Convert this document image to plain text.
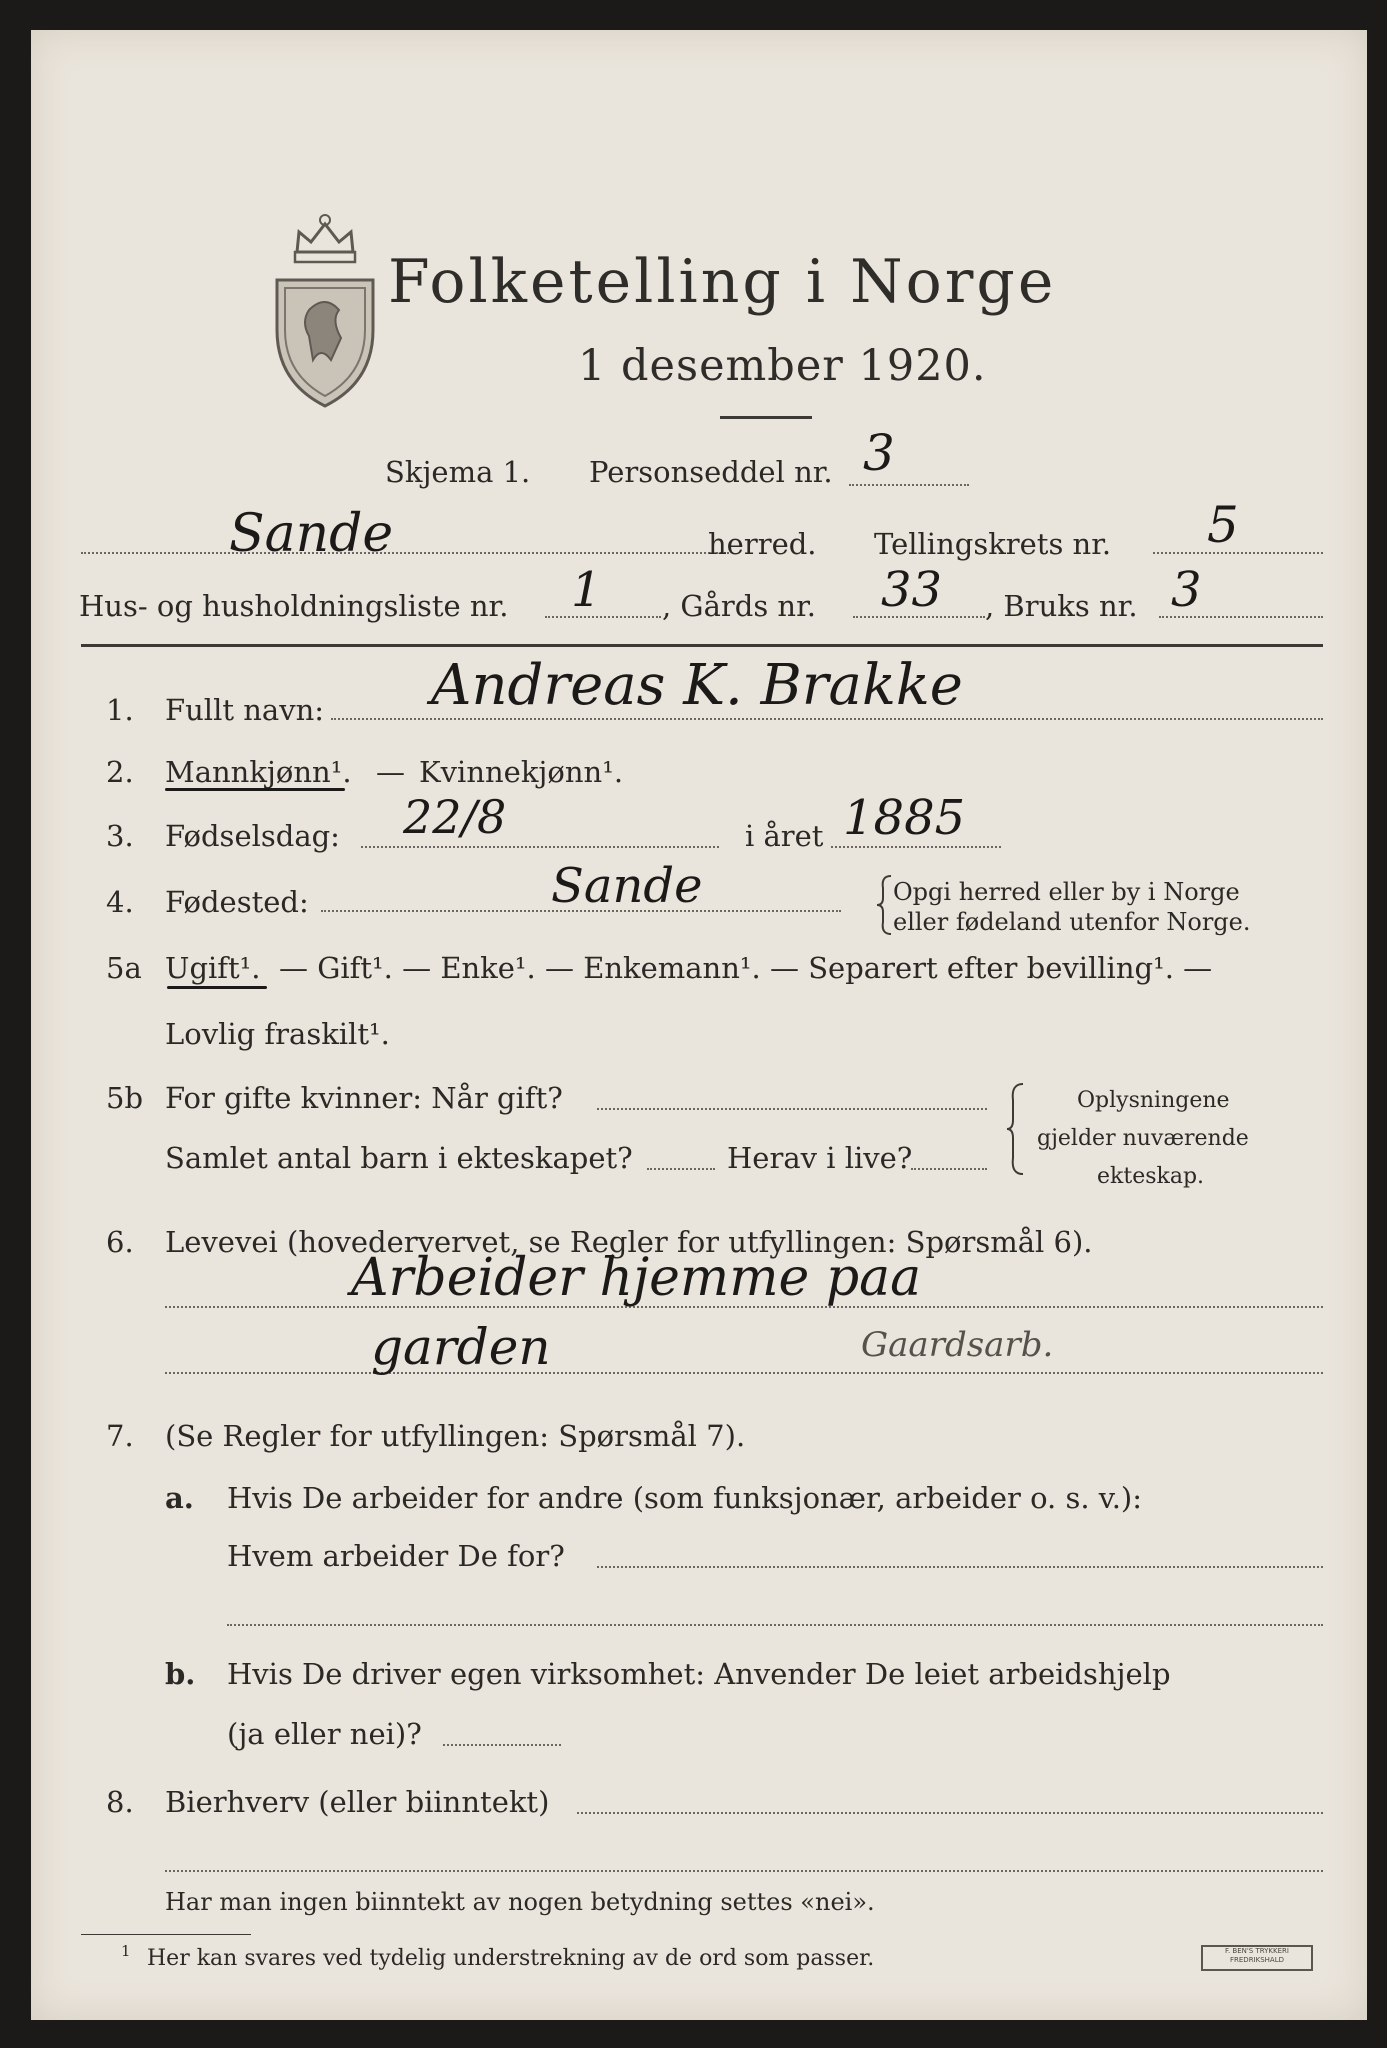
Folketelling i Norge
1 desember 1920.
Skjema 1. Personseddel nr. 3
Sande	herred. Tellingskrets nr. 5
Hus- og husholdningsliste nr. 1 , Gårds nr. 33 , Bruks nr. 3
1. Fullt navn: Andreas K. Brakke
2. Mannkjønn¹. — Kvinnekjønn¹.
3. Fødselsdag: 22/8	i året 1885
4. Fødested:	Sande	Opgi herred eller by i Norge
eller fødeland utenfor Norge.
5a Ugift¹. — Gift¹. — Enke¹. — Enkemann¹. — Separert efter bevilling¹. —
Lovlig fraskilt¹.
5b For gifte kvinner: Når gift?
Samlet antal barn i ekteskapet?	Herav i live?
Oplysningene
gjelder nuværende
ekteskap.
6. Levevei (hovedervervet, se Regler for utfyllingen: Spørsmål 6).
Arbeider hjemme paa
garden	Gaardsarb.
7. (Se Regler for utfyllingen: Spørsmål 7).
a. Hvis De arbeider for andre (som funksjonær, arbeider o. s. v.):
Hvem arbeider De for?
b. Hvis De driver egen virksomhet: Anvender De leiet arbeidshjelp
(ja eller nei)?
8. Bierhverv (eller biinntekt)
Har man ingen biinntekt av nogen betydning settes «nei».
1 Her kan svares ved tydelig understrekning av de ord som passer.	F. BEN'S TRYKKERI
FREDRIKSHALD
